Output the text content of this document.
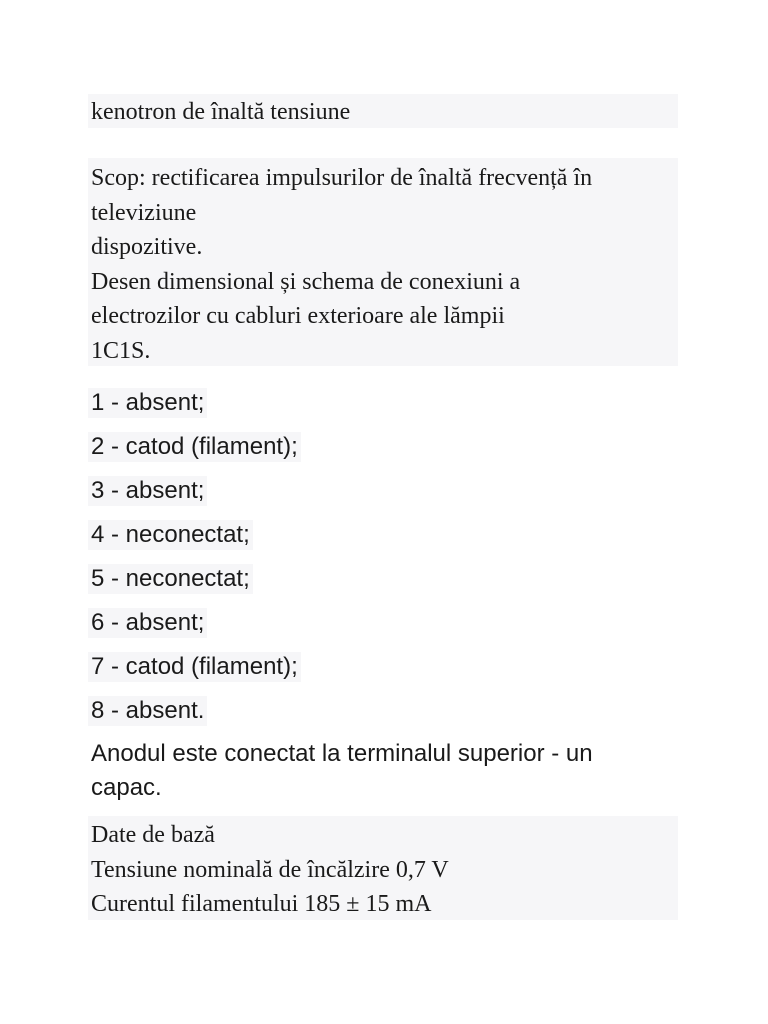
kenotron de înaltă tensiune
Scop: rectificarea impulsurilor de înaltă frecvență în
televiziune
dispozitive.
Desen dimensional și schema de conexiuni a
electrozilor cu cabluri exterioare ale lămpii
1C1S.
1 - absent;
2 - catod (filament);
3 - absent;
4 - neconectat;
5 - neconectat;
6 - absent;
7 - catod (filament);
8 - absent.
Anodul este conectat la terminalul superior - un capac.
Date de bază
Tensiune nominală de încălzire 0,7 V
Curentul filamentului 185 ± 15 mA
